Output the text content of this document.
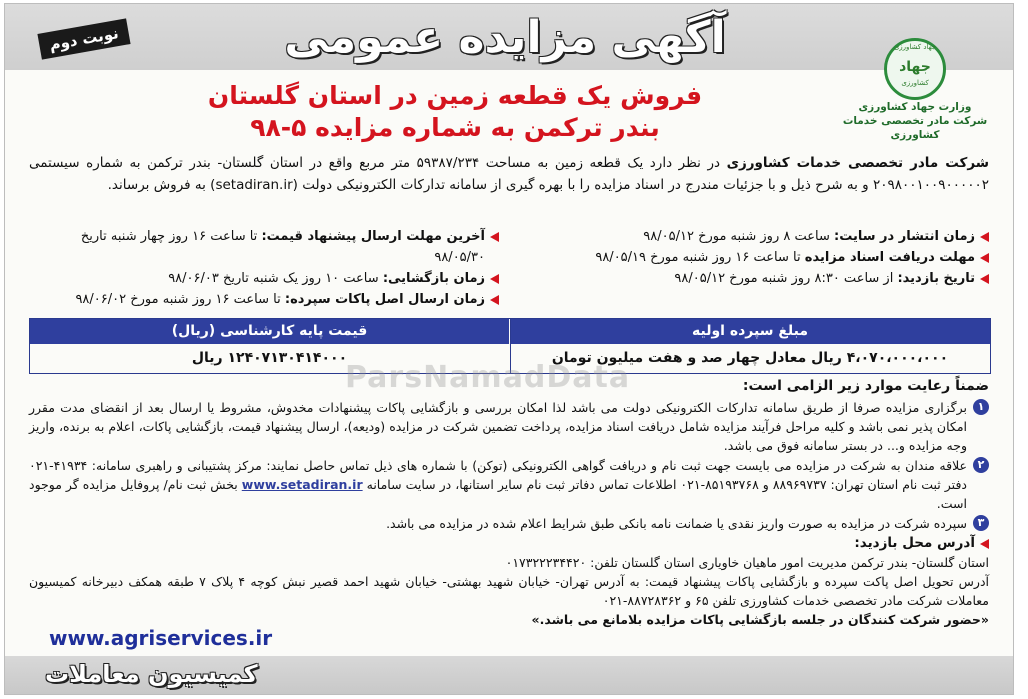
آگهی مزایده عمومی
نوبت دوم	جهاد کشاورزی
جهاد
کشاورزی
وزارت جهاد کشاورزی
شرکت مادر تخصصی خدمات کشاورزی
فروش یک قطعه زمین در استان گلستان
بندر ترکمن به شماره مزایده ۵-۹۸
شرکت مادر تخصصی خدمات کشاورزی در نظر دارد یک قطعه زمین به مساحت ۵۹۳۸۷/۲۳۴ متر مربع واقع در استان گلستان- بندر ترکمن به شماره سیستمی ۲۰۹۸۰۰۱۰۰۹۰۰۰۰۰۲ و به شرح ذیل و با جزئیات مندرج در اسناد مزایده را با بهره گیری از سامانه تدارکات الکترونیکی دولت (setadiran.ir) به فروش برساند.
زمان انتشار در سایت: ساعت ۸ روز شنبه مورخ ۹۸/۰۵/۱۲
مهلت دریافت اسناد مزایده تا ساعت ۱۶ روز شنبه مورخ ۹۸/۰۵/۱۹
تاریخ بازدید: از ساعت ۸:۳۰ روز شنبه مورخ ۹۸/۰۵/۱۲
آخرین مهلت ارسال پیشنهاد قیمت: تا ساعت ۱۶ روز چهار شنبه تاریخ ۹۸/۰۵/۳۰
زمان بازگشایی: ساعت ۱۰ روز یک شنبه تاریخ ۹۸/۰۶/۰۳
زمان ارسال اصل پاکات سپرده: تا ساعت ۱۶ روز شنبه مورخ ۹۸/۰۶/۰۲
مبلغ سپرده اولیه
قیمت پایه کارشناسی (ریال)
۴،۰۷۰،۰۰۰،۰۰۰ ریال معادل چهار صد و هفت میلیون تومان
۱۲۴۰۷۱۳۰۴۱۴۰۰۰ ریال
ParsNamadData	ضمناً رعایت موارد زیر الزامی است:
۱
برگزاری مزایده صرفا از طریق سامانه تدارکات الکترونیکی دولت می باشد لذا امکان بررسی و بازگشایی پاکات پیشنهادات مخدوش، مشروط یا ارسال بعد از انقضای مدت مقرر امکان پذیر نمی باشد و کلیه مراحل فرآیند مزایده شامل دریافت اسناد مزایده، پرداخت تضمین شرکت در مزایده (ودیعه)، ارسال پیشنهاد قیمت، بازگشایی پاکات، اعلام به برنده، واریز وجه مزایده و... در بستر سامانه فوق می باشد.
۲
علاقه مندان به شرکت در مزایده می بایست جهت ثبت نام و دریافت گواهی الکترونیکی (توکن) با شماره های ذیل تماس حاصل نمایند: مرکز پشتیبانی و راهبری سامانه: ۴۱۹۳۴-۰۲۱ دفتر ثبت نام استان تهران: ۸۸۹۶۹۷۳۷ و ۸۵۱۹۳۷۶۸-۰۲۱ اطلاعات تماس دفاتر ثبت نام سایر استانها، در سایت سامانه www.setadiran.ir بخش ثبت نام/ پروفایل مزایده گر موجود است.
۳
سپرده شرکت در مزایده به صورت واریز نقدی یا ضمانت نامه بانکی طبق شرایط اعلام شده در مزایده می باشد.
آدرس محل بازدید:
استان گلستان- بندر ترکمن مدیریت امور ماهیان خاویاری استان گلستان تلفن: ۰۱۷۳۲۲۲۳۴۴۲۰
آدرس تحویل اصل پاکت سپرده و بازگشایی پاکات پیشنهاد قیمت: به آدرس تهران- خیابان شهید بهشتی- خیابان شهید احمد قصیر نبش کوچه ۴ پلاک ۷ طبقه همکف دبیرخانه کمیسیون معاملات شرکت مادر تخصصی خدمات کشاورزی تلفن ۶۵ و ۸۸۷۲۸۳۶۲-۰۲۱
«حضور شرکت کنندگان در جلسه بازگشایی پاکات مزایده بلامانع می باشد.»
www.agriservices.ir
کمیسیون معاملات
